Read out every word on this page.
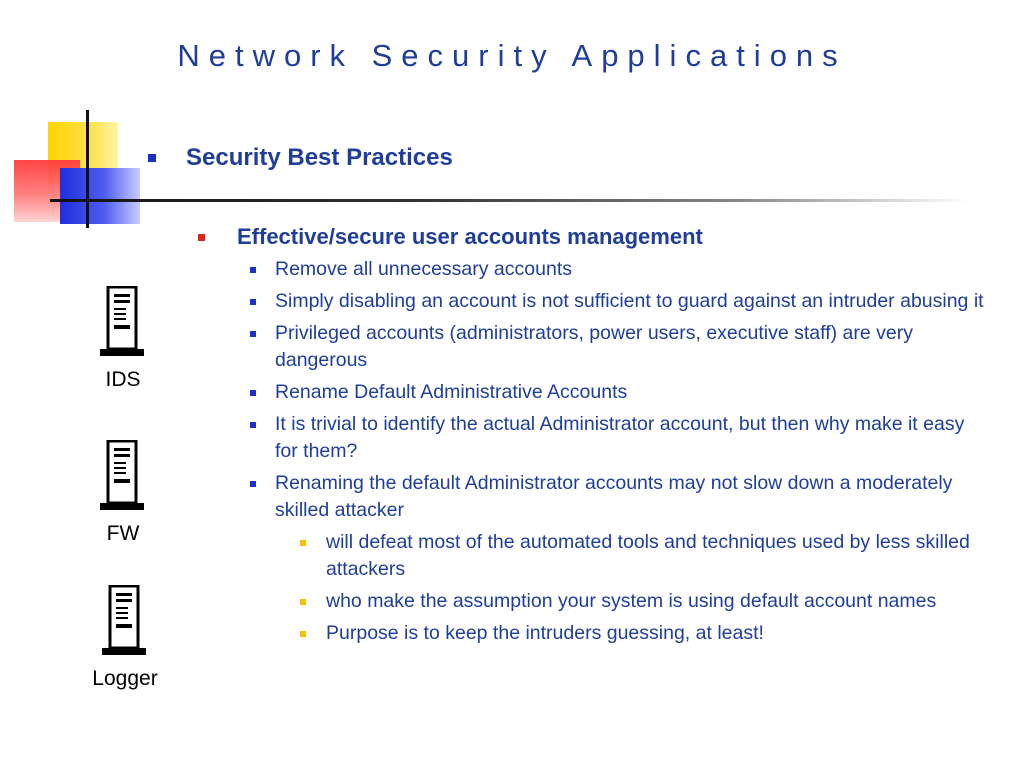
Network Security Applications
Security Best Practices
Effective/secure user accounts management
Remove all unnecessary accounts
Simply disabling an account is not sufficient to guard against an intruder abusing it
Privileged accounts (administrators, power users, executive staff) are very dangerous
Rename Default Administrative Accounts
It is trivial to identify the actual Administrator account, but then why make it easy for them?
Renaming the default Administrator accounts may not slow down a moderately skilled attacker
will defeat most of the automated tools and techniques used by less skilled attackers
who make the assumption your system is using default account names
Purpose is to keep the intruders guessing, at least!
IDS
FW
Logger
